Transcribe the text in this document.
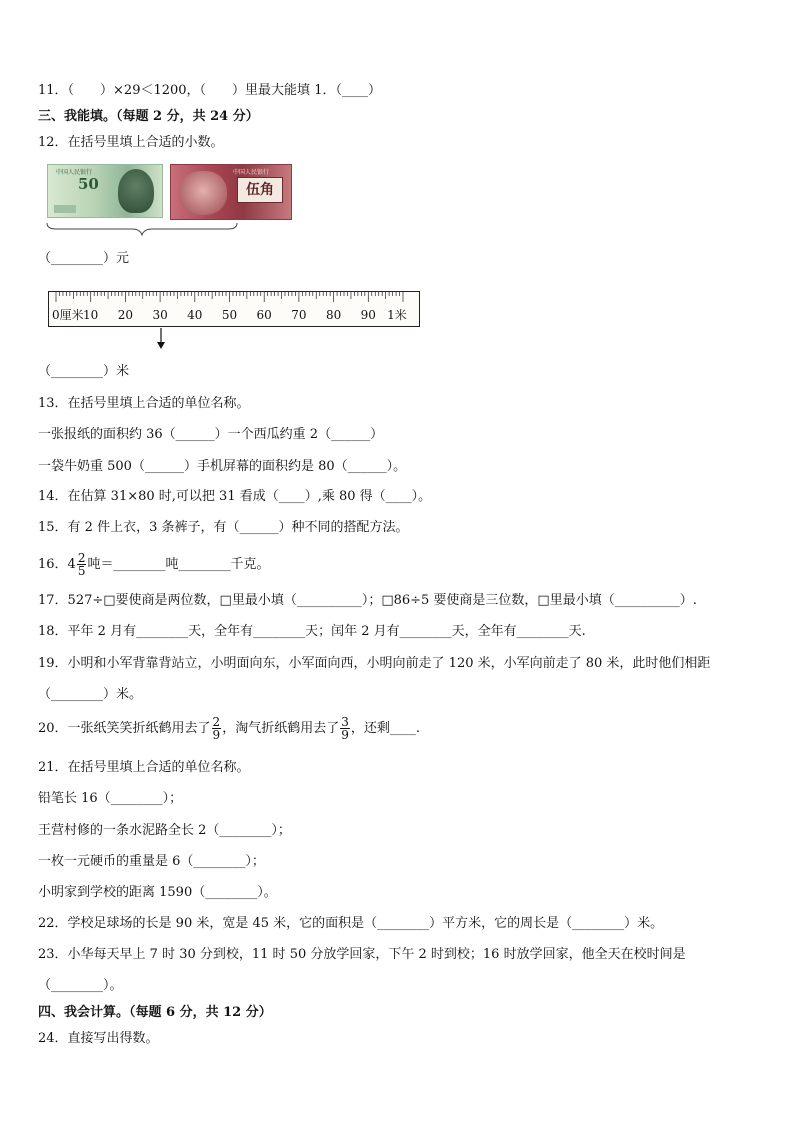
11．（　　）×29＜1200，（　　）里最大能填 1．（____）
三、我能填。（每题 2 分，共 24 分）
12．在括号里填上合适的小数。
50
中国人民银行
伍角
中国人民银行
（________）元
0厘米 10 20 30 40 50 60 70 80 90 1米
（________）米
13．在括号里填上合适的单位名称。
一张报纸的面积约 36（______）一个西瓜约重 2（______）
一袋牛奶重 500（______）手机屏幕的面积约是 80（______）。
14．在估算 31×80 时,可以把 31 看成（____）,乘 80 得（____）。
15．有 2 件上衣，3 条裤子，有（______）种不同的搭配方法。
16．$4 \frac{2}{5}$ 吨＝________吨________千克。
17．527÷□要使商是两位数，□里最小填（__________）；□86÷5 要使商是三位数，□里最小填（__________）.
18．平年 2 月有________天，全年有________天；闰年 2 月有________天，全年有________天.
19．小明和小军背靠背站立，小明面向东，小军面向西，小明向前走了 120 米，小军向前走了 80 米，此时他们相距
（________）米。
20．一张纸笑笑折纸鹤用去了 $\frac{2}{9}$ ，淘气折纸鹤用去了 $\frac{3}{9}$ ，还剩____.
21．在括号里填上合适的单位名称。
铅笔长 16（________）；
王营村修的一条水泥路全长 2（________）；
一枚一元硬币的重量是 6（________）；
小明家到学校的距离 1590（________）。
22．学校足球场的长是 90 米，宽是 45 米，它的面积是（________）平方米，它的周长是（________）米。
23．小华每天早上 7 时 30 分到校，11 时 50 分放学回家，下午 2 时到校；16 时放学回家，他全天在校时间是
（________）。
四、我会计算。（每题 6 分，共 12 分）
24．直接写出得数。
